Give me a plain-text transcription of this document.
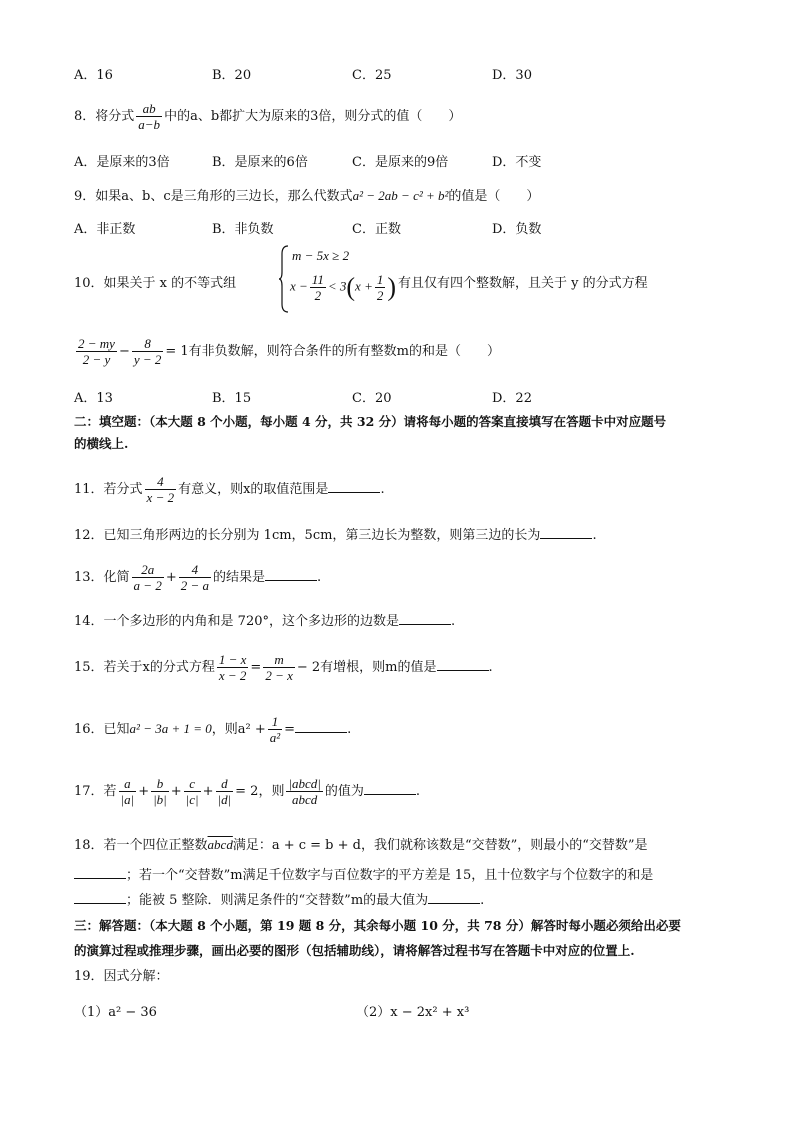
A．16	B．20	C．25	D．30
8．将分式 $\frac{ab}{a-b}$ 中的a、b都扩大为原来的3倍，则分式的值（　　）
A．是原来的3倍	B．是原来的6倍	C．是原来的9倍	D．不变
9．如果a、b、c是三角形的三边长，那么代数式a² − 2ab − c² + b²的值是（　　）
A．非正数	B．非负数	C．正数	D．负数
10．如果关于 x 的不等式组
m − 5x ≥ 2
$x - \frac{11}{2} < 3(x + \frac{1}{2}$ ) 有且仅有四个整数解，且关于 y 的分式方程
$\frac{2 - my}{2 - y} - \frac{8}{y - 2} = 1$有非负数解，则符合条件的所有整数m的和是（　　）
A．13	B．15	C．20	D．22
二：填空题：（本大题 8 个小题，每小题 4 分，共 32 分）请将每小题的答案直接填写在答题卡中对应题号
的横线上.
11．若分式 $\frac{4}{x - 2}$ 有意义，则x的取值范围是	.
12．已知三角形两边的长分别为 1cm，5cm，第三边长为整数，则第三边的长为	.
13．化简 $\frac{2a}{a - 2} + \frac{4}{2 - a}$ 的结果是	.
14．一个多边形的内角和是 720°，这个多边形的边数是	.
15．若关于x的分式方程 $\frac{1 - x}{x - 2} = \frac{m}{2 - x} - 2$有增根，则m的值是	.
16．已知a² − 3a + 1 = 0，则$a^2 + \frac{1}{\text{a²}}$ =	.
17．若 $\frac{a}{|a|} + \frac{b}{|b|} + \frac{c}{|c|} + \frac{d}{|d|} = 2$，则 $\frac{\text{|abcd|}}{\text{abcd}}$ 的值为	.
18．若一个四位正整数abcd满足：a + c = b + d，我们就称该数是“交替数”，则最小的“交替数”是
；若一个“交替数”m满足千位数字与百位数字的平方差是 15，且十位数字与个位数字的和是
；能被 5 整除．则满足条件的“交替数”m的最大值为	.
三：解答题：（本大题 8 个小题，第 19 题 8 分，其余每小题 10 分，共 78 分）解答时每小题必须给出必要
的演算过程或推理步骤，画出必要的图形（包括辅助线），请将解答过程书写在答题卡中对应的位置上.
19．因式分解：
（1）a² − 36	（2）x − 2x² + x³
